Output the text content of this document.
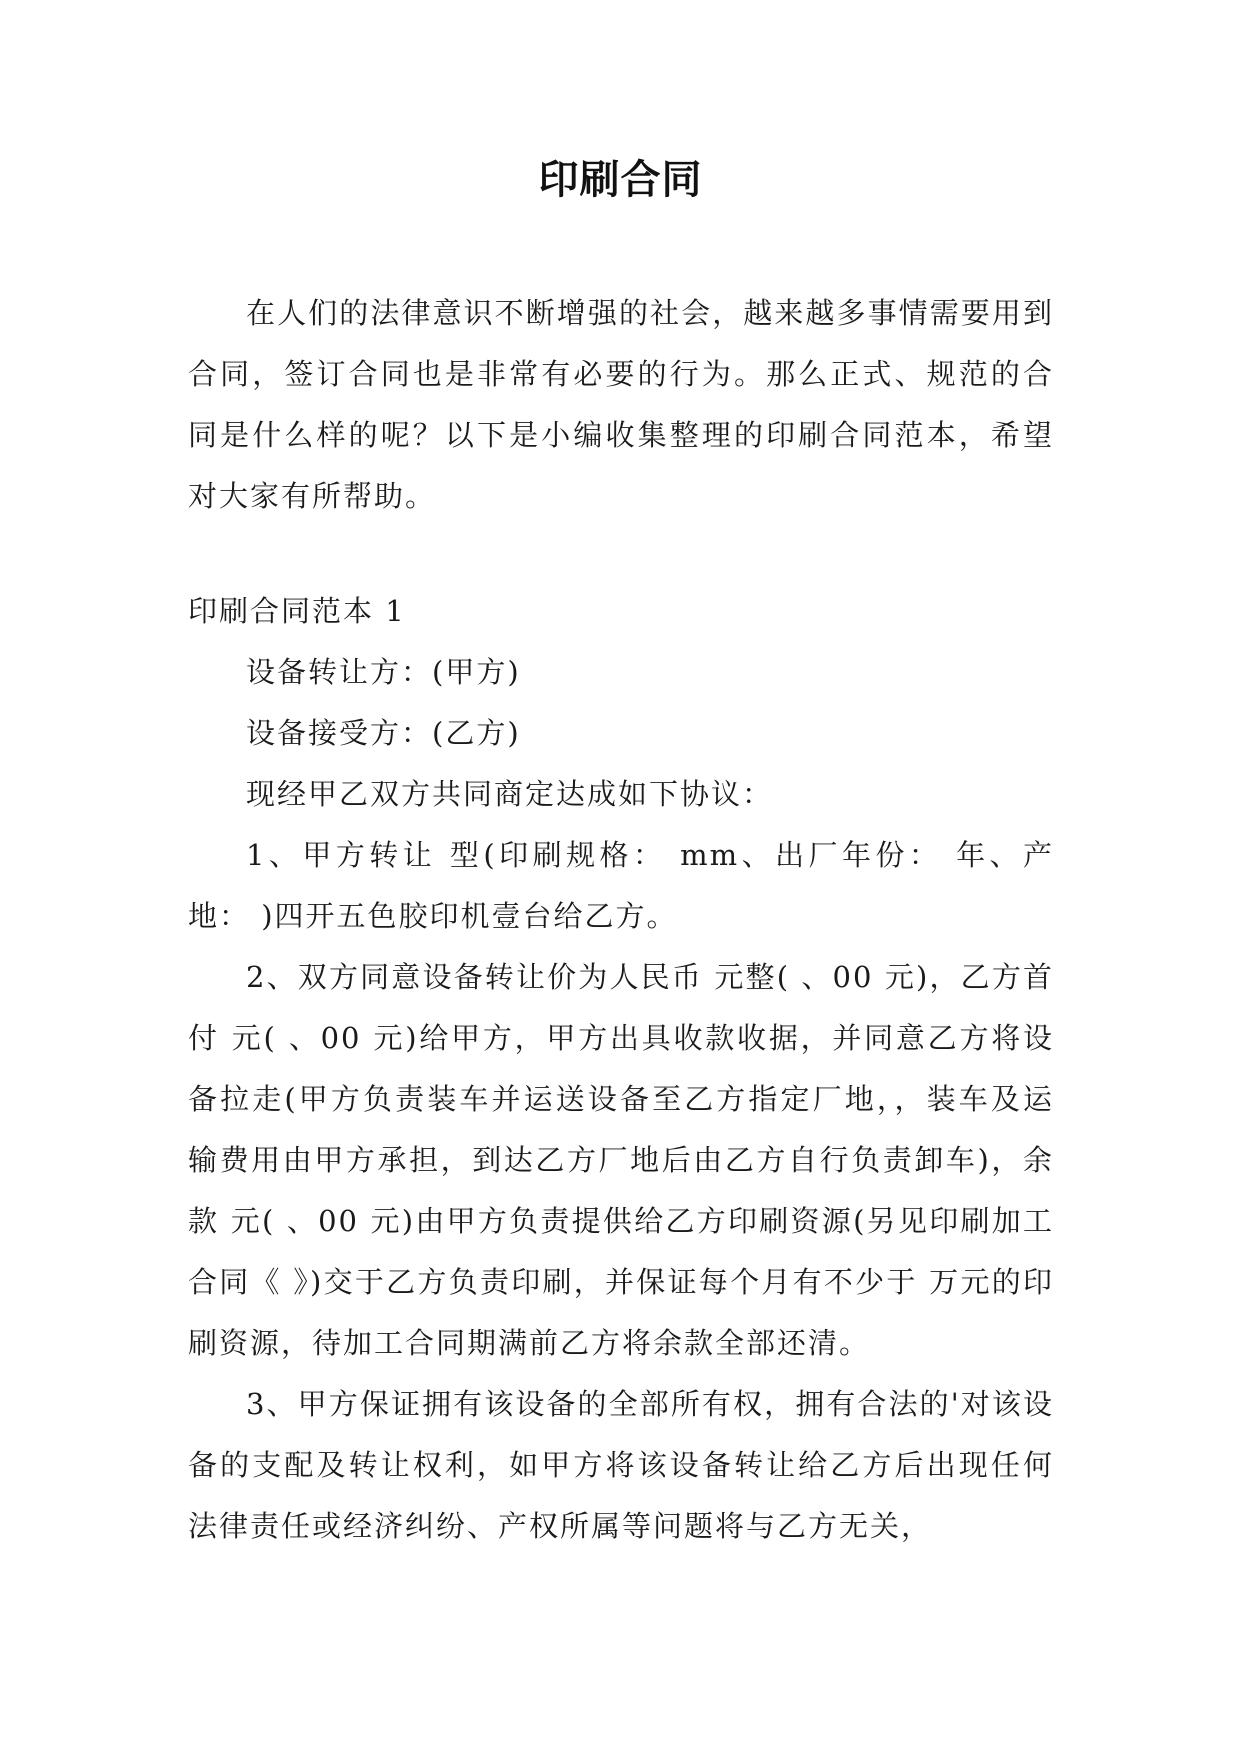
印刷合同

在人们的法律意识不断增强的社会，越来越多事情需要用到合同，签订合同也是非常有必要的行为。那么正式、规范的合同是什么样的呢？以下是小编收集整理的印刷合同范本，希望对大家有所帮助。

印刷合同范本 1

设备转让方：(甲方)

设备接受方：(乙方)

现经甲乙双方共同商定达成如下协议：

1、甲方转让 型(印刷规格： mm、出厂年份： 年、产地： )四开五色胶印机壹台给乙方。

2、双方同意设备转让价为人民币 元整( 、00 元)，乙方首付 元( 、00 元)给甲方，甲方出具收款收据，并同意乙方将设备拉走(甲方负责装车并运送设备至乙方指定厂地，，装车及运输费用由甲方承担，到达乙方厂地后由乙方自行负责卸车)，余款 元( 、00 元)由甲方负责提供给乙方印刷资源(另见印刷加工合同《 》)交于乙方负责印刷，并保证每个月有不少于 万元的印刷资源，待加工合同期满前乙方将余款全部还清。

3、甲方保证拥有该设备的全部所有权，拥有合法的'对该设备的支配及转让权利，如甲方将该设备转让给乙方后出现任何法律责任或经济纠纷、产权所属等问题将与乙方无关，
